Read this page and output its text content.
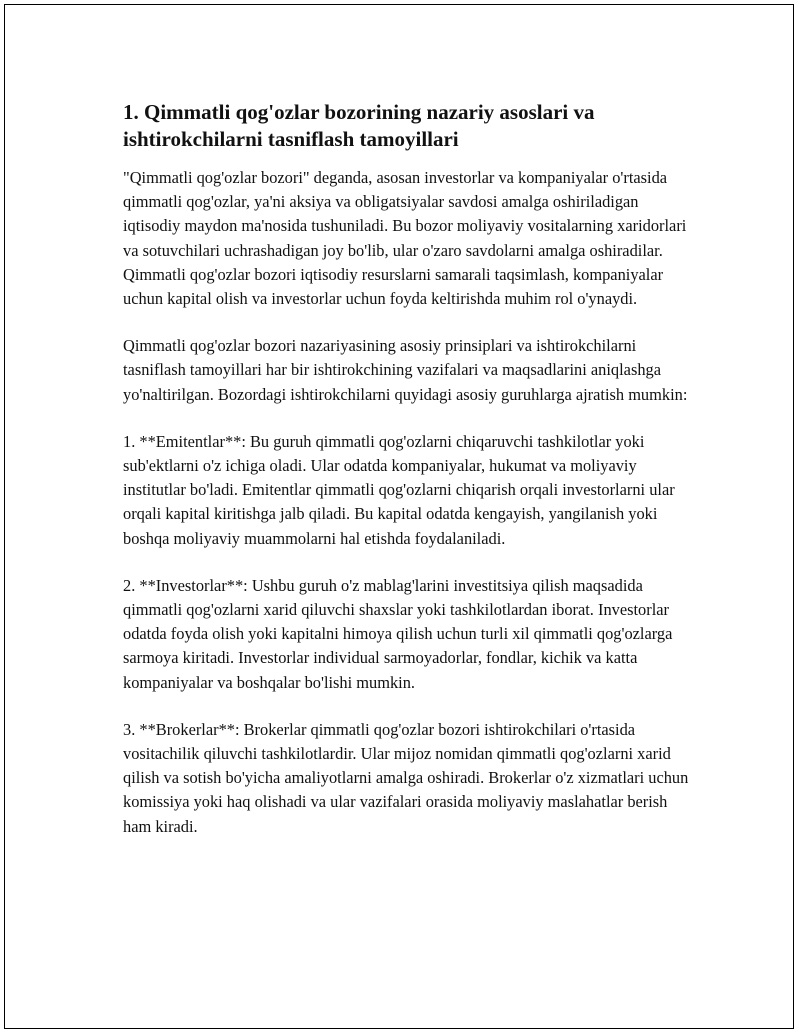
1. Qimmatli qog'ozlar bozorining nazariy asoslari va ishtirokchilarni tasniflash tamoyillari

"Qimmatli qog'ozlar bozori" deganda, asosan investorlar va kompaniyalar o'rtasida qimmatli qog'ozlar, ya'ni aksiya va obligatsiyalar savdosi amalga oshiriladigan iqtisodiy maydon ma'nosida tushuniladi. Bu bozor moliyaviy vositalarning xaridorlari va sotuvchilari uchrashadigan joy bo'lib, ular o'zaro savdolarni amalga oshiradilar. Qimmatli qog'ozlar bozori iqtisodiy resurslarni samarali taqsimlash, kompaniyalar uchun kapital olish va investorlar uchun foyda keltirishda muhim rol o'ynaydi.

Qimmatli qog'ozlar bozori nazariyasining asosiy prinsiplari va ishtirokchilarni tasniflash tamoyillari har bir ishtirokchining vazifalari va maqsadlarini aniqlashga yo'naltirilgan. Bozordagi ishtirokchilarni quyidagi asosiy guruhlarga ajratish mumkin:

1. **Emitentlar**: Bu guruh qimmatli qog'ozlarni chiqaruvchi tashkilotlar yoki sub'ektlarni o'z ichiga oladi. Ular odatda kompaniyalar, hukumat va moliyaviy institutlar bo'ladi. Emitentlar qimmatli qog'ozlarni chiqarish orqali investorlarni ular orqali kapital kiritishga jalb qiladi. Bu kapital odatda kengayish, yangilanish yoki boshqa moliyaviy muammolarni hal etishda foydalaniladi.

2. **Investorlar**: Ushbu guruh o'z mablag'larini investitsiya qilish maqsadida qimmatli qog'ozlarni xarid qiluvchi shaxslar yoki tashkilotlardan iborat. Investorlar odatda foyda olish yoki kapitalni himoya qilish uchun turli xil qimmatli qog'ozlarga sarmoya kiritadi. Investorlar individual sarmoyadorlar, fondlar, kichik va katta kompaniyalar va boshqalar bo'lishi mumkin.

3. **Brokerlar**: Brokerlar qimmatli qog'ozlar bozori ishtirokchilari o'rtasida vositachilik qiluvchi tashkilotlardir. Ular mijoz nomidan qimmatli qog'ozlarni xarid qilish va sotish bo'yicha amaliyotlarni amalga oshiradi. Brokerlar o'z xizmatlari uchun komissiya yoki haq olishadi va ular vazifalari orasida moliyaviy maslahatlar berish ham kiradi.
